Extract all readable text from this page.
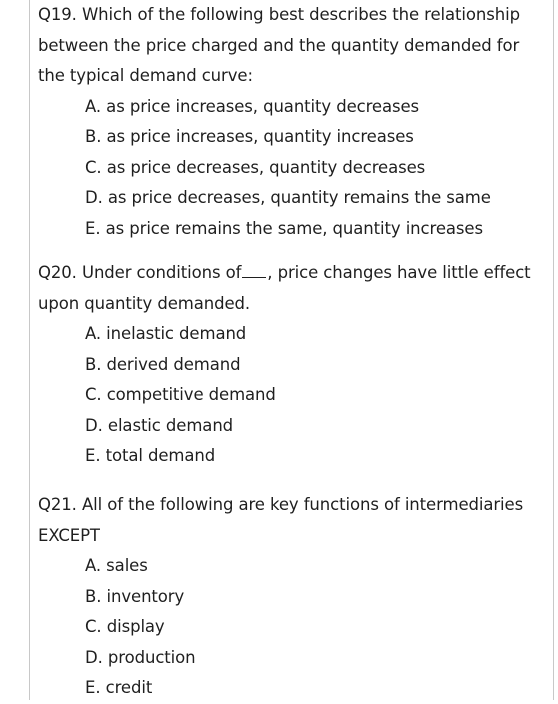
Q19. Which of the following best describes the relationship between the price charged and the quantity demanded for the typical demand curve:

A. as price increases, quantity decreases
B. as price increases, quantity increases
C. as price decreases, quantity decreases
D. as price decreases, quantity remains the same
E. as price remains the same, quantity increases

Q20. Under conditions of , price changes have little effect upon quantity demanded.

A. inelastic demand
B. derived demand
C. competitive demand
D. elastic demand
E. total demand

Q21. All of the following are key functions of intermediaries EXCEPT

A. sales
B. inventory
C. display
D. production
E. credit
